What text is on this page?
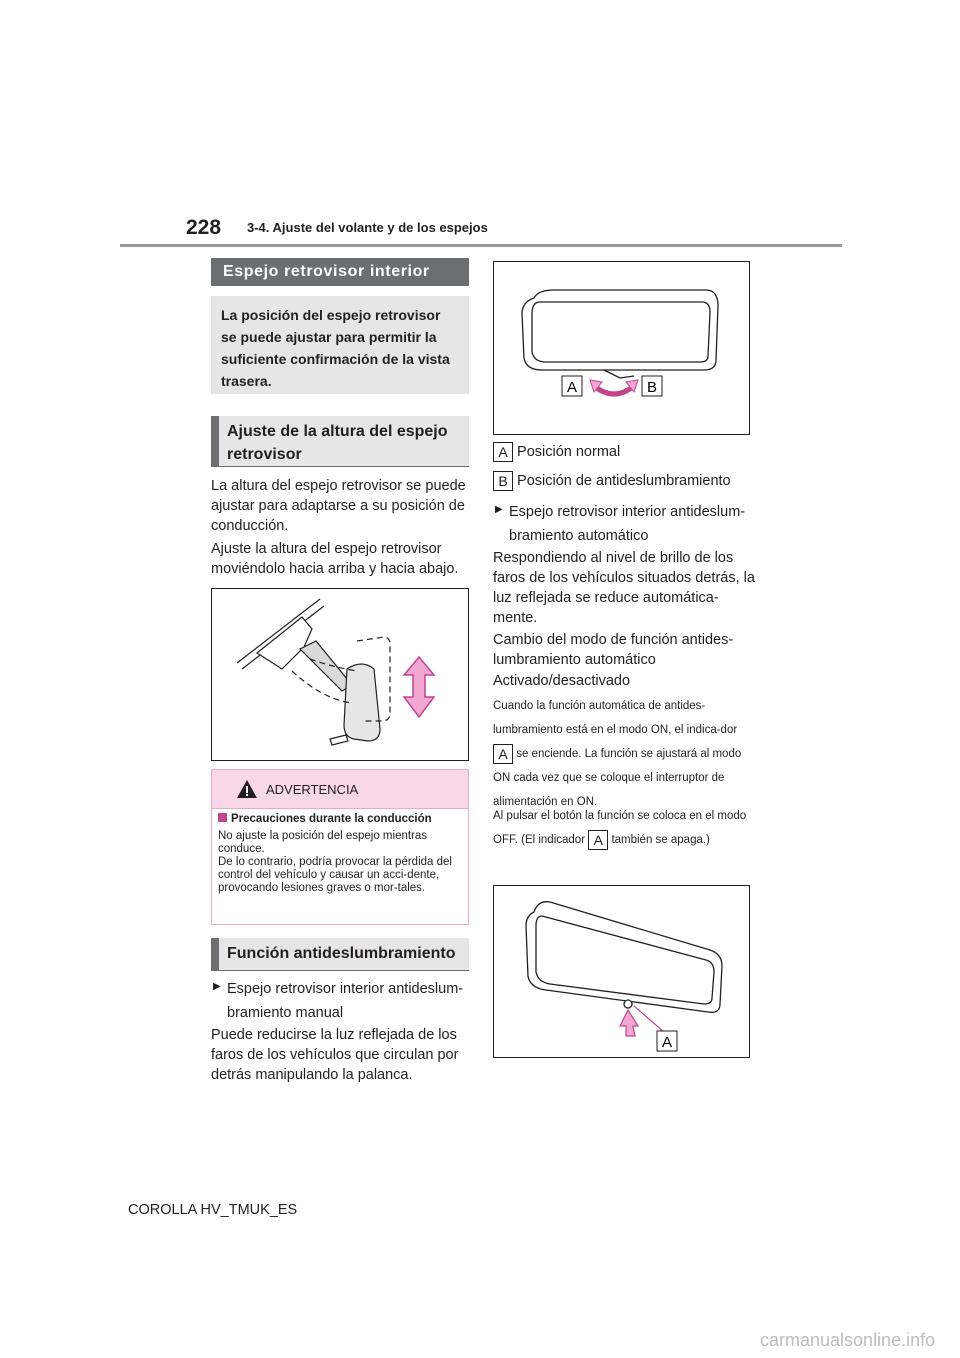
228 3-4. Ajuste del volante y de los espejos
Espejo retrovisor interior
La posición del espejo retrovisor se puede ajustar para permitir la suficiente confirmación de la vista trasera.
Ajuste de la altura del espejo retrovisor
La altura del espejo retrovisor se puede ajustar para adaptarse a su posición de conducción.
Ajuste la altura del espejo retrovisor moviéndolo hacia arriba y hacia abajo.
ADVERTENCIA
Precauciones durante la conducción
No ajuste la posición del espejo mientras conduce.
De lo contrario, podría provocar la pérdida del control del vehículo y causar un acci-dente, provocando lesiones graves o mor-tales.
Función antideslumbramiento
▶ Espejo retrovisor interior antideslum-bramiento manual
Puede reducirse la luz reflejada de los faros de los vehículos que circulan por detrás manipulando la palanca.
A	B
A Posición normal
B Posición de antideslumbramiento
▶ Espejo retrovisor interior antideslum-bramiento automático
Respondiendo al nivel de brillo de los faros de los vehículos situados detrás, la luz reflejada se reduce automática-mente.
Cambio del modo de función antides-lumbramiento automático
Activado/desactivado
Cuando la función automática de antides-lumbramiento está en el modo ON, el indica-dor A se enciende. La función se ajustará al modo ON cada vez que se coloque el interruptor de alimentación en ON.
Al pulsar el botón la función se coloca en el modo OFF. (El indicador A también se apaga.)
A
COROLLA HV_TMUK_ES
carmanualsonline.info
